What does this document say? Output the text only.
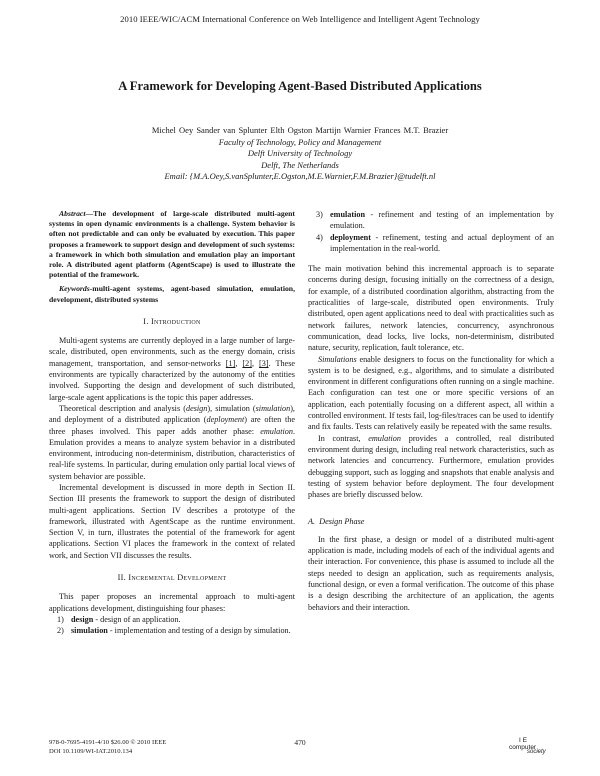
2010 IEEE/WIC/ACM International Conference on Web Intelligence and Intelligent Agent Technology
A Framework for Developing Agent-Based Distributed Applications
Michel Oey Sander van Splunter Elth Ogston Martijn Warnier Frances M.T. Brazier
Faculty of Technology, Policy and Management
Delft University of Technology
Delft, The Netherlands
Email: {M.A.Oey,S.vanSplunter,E.Ogston,M.E.Warnier,F.M.Brazier}@tudelft.nl

Abstract—The development of large-scale distributed multi-agent systems in open dynamic environments is a challenge. System behavior is often not predictable and can only be evaluated by execution. This paper proposes a framework to support design and development of such systems: a framework in which both simulation and emulation play an important role. A distributed agent platform (AgentScape) is used to illustrate the potential of the framework.

Keywords-multi-agent systems, agent-based simulation, emulation, development, distributed systems

I. Introduction

Multi-agent systems are currently deployed in a large number of large-scale, distributed, open environments, such as the energy domain, crisis management, transportation, and sensor-networks [1], [2], [3]. These environments are typically characterized by the autonomy of the entities involved. Supporting the design and development of such distributed, large-scale agent applications is the topic this paper addresses.

Theoretical description and analysis (design), simulation (simulation), and deployment of a distributed application (deployment) are often the three phases involved. This paper adds another phase: emulation. Emulation provides a means to analyze system behavior in a distributed environment, introducing non-determinism, distribution, characteristics of real-life systems. In particular, during emulation only partial local views of system behavior are possible.

Incremental development is discussed in more depth in Section II. Section III presents the framework to support the design of distributed multi-agent applications. Section IV describes a prototype of the framework, illustrated with AgentScape as the runtime environment. Section V, in turn, illustrates the potential of the framework for agent applications. Section VI places the framework in the context of related work, and Section VII discusses the results.

II. Incremental Development

This paper proposes an incremental approach to multi-agent applications development, distinguishing four phases:

1) design - design of an application.
2) simulation - implementation and testing of a design by simulation.
3) emulation - refinement and testing of an implementation by emulation.
4) deployment - refinement, testing and actual deployment of an implementation in the real-world.

The main motivation behind this incremental approach is to separate concerns during design, focusing initially on the correctness of a design, for example, of a distributed coordination algorithm, abstracting from the practicalities of large-scale, distributed open environments. Truly distributed, open agent applications need to deal with practicalities such as network failures, network latencies, concurrency, asynchronous communication, dead locks, live locks, non-determinism, distributed nature, security, replication, fault tolerance, etc.

Simulations enable designers to focus on the functionality for which a system is to be designed, e.g., algorithms, and to simulate a distributed environment in different configurations often running on a single machine. Each configuration can test one or more specific versions of an application, each potentially focusing on a different aspect, all within a controlled environment. If tests fail, log-files/traces can be used to identify and fix faults. Tests can relatively easily be repeated with the same results.

In contrast, emulation provides a controlled, real distributed environment during design, including real network characteristics, such as network latencies and concurrency. Furthermore, emulation provides debugging support, such as logging and snapshots that enable analysis and testing of system behavior before deployment. The four development phases are briefly discussed below.

A. Design Phase

In the first phase, a design or model of a distributed multi-agent application is made, including models of each of the individual agents and their interaction. For convenience, this phase is assumed to include all the steps needed to design an application, such as requirements analysis, functional design, or even a formal verification. The outcome of this phase is a design describing the architecture of an application, the agents behaviors and their interaction.

978-0-7695-4191-4/10 $26.00 © 2010 IEEE
DOI 10.1109/WI-IAT.2010.134
470	I E
computer
society
